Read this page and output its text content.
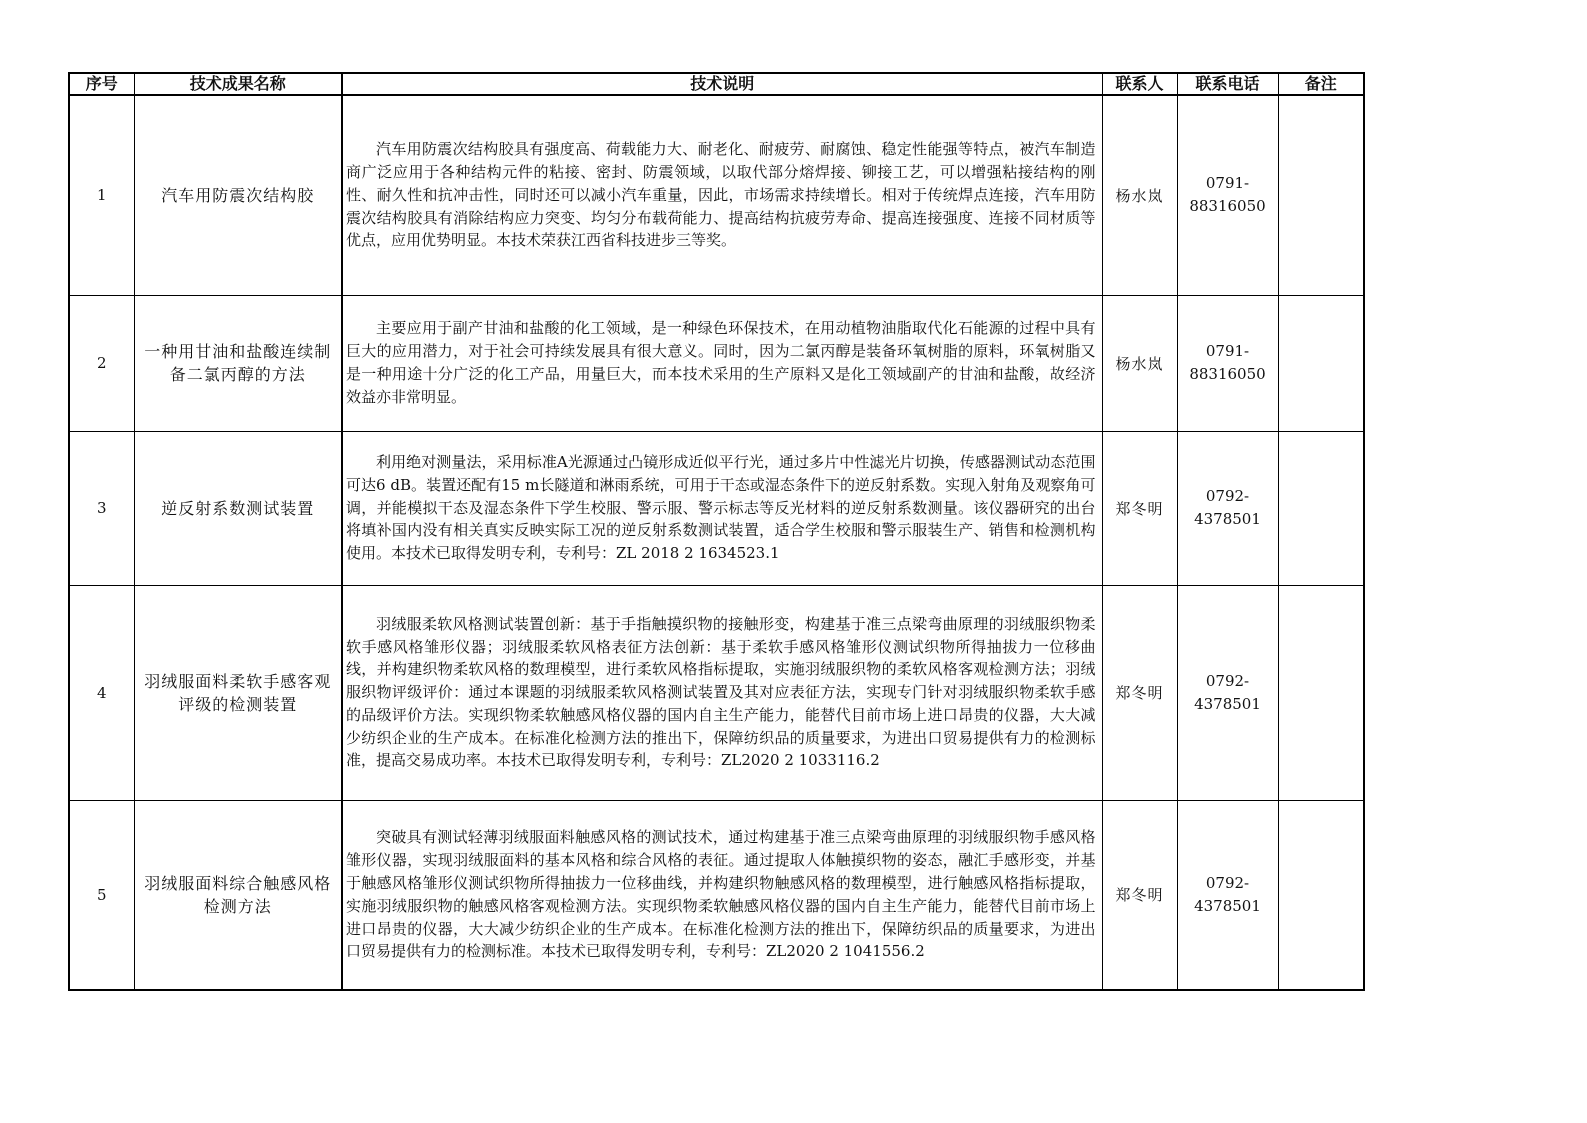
序号	技术成果名称	技术说明	联系人	联系电话	备注
1	汽车用防震次结构胶	汽车用防震次结构胶具有强度高、荷载能力大、耐老化、耐疲劳、耐腐蚀、稳定性能强等特点，被汽车制造商广泛应用于各种结构元件的粘接、密封、防震领域，以取代部分熔焊接、铆接工艺，可以增强粘接结构的刚性、耐久性和抗冲击性，同时还可以减小汽车重量，因此，市场需求持续增长。相对于传统焊点连接，汽车用防震次结构胶具有消除结构应力突变、均匀分布载荷能力、提高结构抗疲劳寿命、提高连接强度、连接不同材质等优点，应用优势明显。本技术荣获江西省科技进步三等奖。	杨水岚	0791-
88316050	
2	一种用甘油和盐酸连续制备二氯丙醇的方法	主要应用于副产甘油和盐酸的化工领域，是一种绿色环保技术，在用动植物油脂取代化石能源的过程中具有巨大的应用潜力，对于社会可持续发展具有很大意义。同时，因为二氯丙醇是装备环氧树脂的原料，环氧树脂又是一种用途十分广泛的化工产品，用量巨大，而本技术采用的生产原料又是化工领域副产的甘油和盐酸，故经济效益亦非常明显。	杨水岚	0791-
88316050	
3	逆反射系数测试装置	利用绝对测量法，采用标准A光源通过凸镜形成近似平行光，通过多片中性滤光片切换，传感器测试动态范围可达6 dB。装置还配有15 m长隧道和淋雨系统，可用于干态或湿态条件下的逆反射系数。实现入射角及观察角可调，并能模拟干态及湿态条件下学生校服、警示服、警示标志等反光材料的逆反射系数测量。该仪器研究的出台将填补国内没有相关真实反映实际工况的逆反射系数测试装置，适合学生校服和警示服装生产、销售和检测机构使用。本技术已取得发明专利，专利号：ZL 2018 2 1634523.1	郑冬明	0792-
4378501	
4	羽绒服面料柔软手感客观评级的检测装置	羽绒服柔软风格测试装置创新：基于手指触摸织物的接触形变，构建基于准三点梁弯曲原理的羽绒服织物柔软手感风格雏形仪器；羽绒服柔软风格表征方法创新：基于柔软手感风格雏形仪测试织物所得抽拔力一位移曲线，并构建织物柔软风格的数理模型，进行柔软风格指标提取，实施羽绒服织物的柔软风格客观检测方法；羽绒服织物评级评价：通过本课题的羽绒服柔软风格测试装置及其对应表征方法，实现专门针对羽绒服织物柔软手感的品级评价方法。实现织物柔软触感风格仪器的国内自主生产能力，能替代目前市场上进口昂贵的仪器，大大减少纺织企业的生产成本。在标准化检测方法的推出下，保障纺织品的质量要求，为进出口贸易提供有力的检测标准，提高交易成功率。本技术已取得发明专利，专利号：ZL2020 2 1033116.2	郑冬明	0792-
4378501	
5	羽绒服面料综合触感风格检测方法	突破具有测试轻薄羽绒服面料触感风格的测试技术，通过构建基于准三点梁弯曲原理的羽绒服织物手感风格雏形仪器，实现羽绒服面料的基本风格和综合风格的表征。通过提取人体触摸织物的姿态，融汇手感形变，并基于触感风格雏形仪测试织物所得抽拔力一位移曲线，并构建织物触感风格的数理模型，进行触感风格指标提取，实施羽绒服织物的触感风格客观检测方法。实现织物柔软触感风格仪器的国内自主生产能力，能替代目前市场上进口昂贵的仪器，大大减少纺织企业的生产成本。在标准化检测方法的推出下，保障纺织品的质量要求，为进出口贸易提供有力的检测标准。本技术已取得发明专利，专利号：ZL2020 2 1041556.2	郑冬明	0792-
4378501	
